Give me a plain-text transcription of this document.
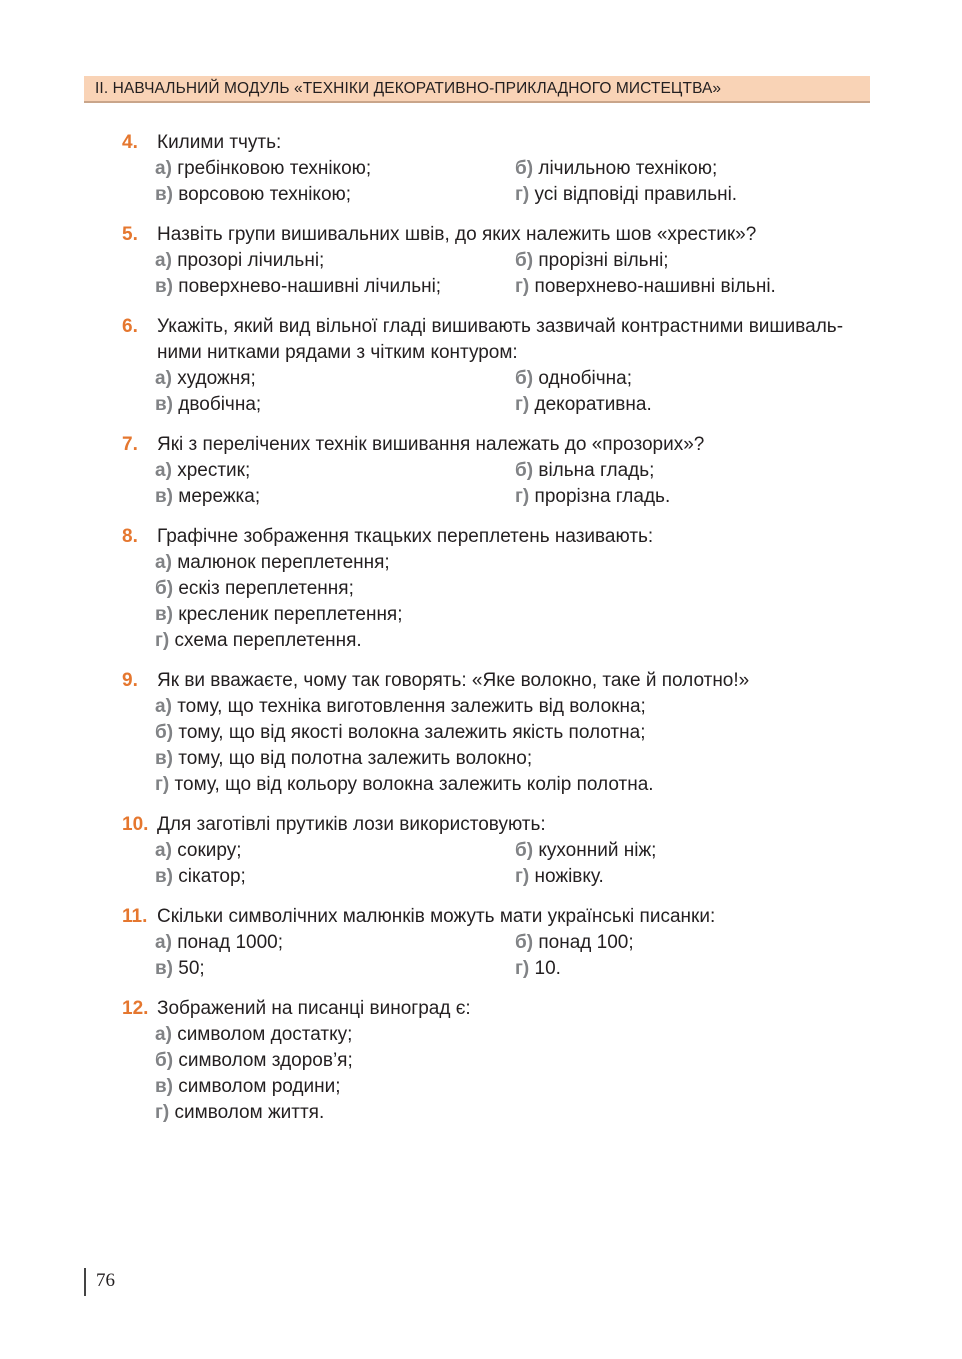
II. НАВЧАЛЬНИЙ МОДУЛЬ «ТЕХНІКИ ДЕКОРАТИВНО-ПРИКЛАДНОГО МИСТЕЦТВА»
4. Килими тчуть:
а) гребінковою технікою;	б) лічильною технікою;
в) ворсовою технікою;	г) усі відповіді правильні.
5. Назвіть групи вишивальних швів, до яких належить шов «хрестик»?
а) прозорі лічильні;	б) прорізні вільні;
в) поверхнево-нашивні лічильні;	г) поверхнево-нашивні вільні.
6. Укажіть, який вид вільної гладі вишивають зазвичай контрастними вишиваль-ними нитками рядами з чітким контуром:
а) художня;	б) однобічна;
в) двобічна;	г) декоративна.
7. Які з перелічених технік вишивання належать до «прозорих»?
а) хрестик;	б) вільна гладь;
в) мережка;	г) прорізна гладь.
8. Графічне зображення ткацьких переплетень називають:
а) малюнок переплетення;
б) ескіз переплетення;
в) кресленик переплетення;
г) схема переплетення.
9. Як ви вважаєте, чому так говорять: «Яке волокно, таке й полотно!»
а) тому, що техніка виготовлення залежить від волокна;
б) тому, що від якості волокна залежить якість полотна;
в) тому, що від полотна залежить волокно;
г) тому, що від кольору волокна залежить колір полотна.
10. Для заготівлі прутиків лози використовують:
а) сокиру;	б) кухонний ніж;
в) сікатор;	г) ножівку.
11. Скільки символічних малюнків можуть мати українські писанки:
а) понад 1000;	б) понад 100;
в) 50;	г) 10.
12. Зображений на писанці виноград є:
а) символом достатку;
б) символом здоров’я;
в) символом родини;
г) символом життя.
76
